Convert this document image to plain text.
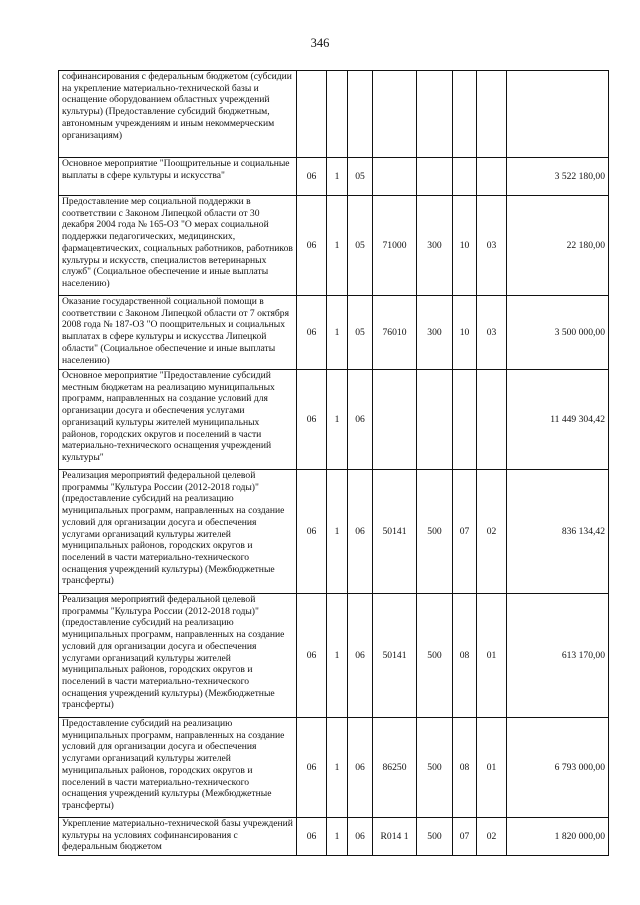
346
софинансирования с федеральным бюджетом (субсидии на укрепление материально-технической базы и оснащение оборудованием областных учреждений культуры) (Предоставление субсидий бюджетным, автономным учреждениям и иным некоммерческим организациям)								
Основное мероприятие "Поощрительные и социальные выплаты в сфере культуры и искусства"	06	1	05					3 522 180,00
Предоставление мер социальной поддержки в соответствии с Законом Липецкой области от 30 декабря 2004 года № 165-ОЗ "О мерах социальной поддержки педагогических, медицинских, фармацевтических, социальных работников, работников культуры и искусств, специалистов ветеринарных служб" (Социальное обеспечение и иные выплаты населению)	06	1	05	71000	300	10	03	22 180,00
Оказание государственной социальной помощи в соответствии с Законом Липецкой области от 7 октября 2008 года № 187-ОЗ "О поощрительных и социальных выплатах в сфере культуры и искусства Липецкой области" (Социальное обеспечение и иные выплаты населению)	06	1	05	76010	300	10	03	3 500 000,00
Основное мероприятие "Предоставление субсидий местным бюджетам на реализацию муниципальных программ, направленных на создание условий для организации досуга и обеспечения услугами организаций культуры жителей муниципальных районов, городских округов и поселений в части материально-технического оснащения учреждений культуры"	06	1	06					11 449 304,42
Реализация мероприятий федеральной целевой программы "Культура России (2012-2018 годы)" (предоставление субсидий на реализацию муниципальных программ, направленных на создание условий для организации досуга и обеспечения услугами организаций культуры жителей муниципальных районов, городских округов и поселений в части материально-технического оснащения учреждений культуры) (Межбюджетные трансферты)	06	1	06	50141	500	07	02	836 134,42
Реализация мероприятий федеральной целевой программы "Культура России (2012-2018 годы)" (предоставление субсидий на реализацию муниципальных программ, направленных на создание условий для организации досуга и обеспечения услугами организаций культуры жителей муниципальных районов, городских округов и поселений в части материально-технического оснащения учреждений культуры) (Межбюджетные трансферты)	06	1	06	50141	500	08	01	613 170,00
Предоставление субсидий на реализацию муниципальных программ, направленных на создание условий для организации досуга и обеспечения услугами организаций культуры жителей муниципальных районов, городских округов и поселений в части материально-технического оснащения учреждений культуры (Межбюджетные трансферты)	06	1	06	86250	500	08	01	6 793 000,00
Укрепление материально-технической базы учреждений культуры на условиях софинансирования с федеральным бюджетом	06	1	06	R014 1	500	07	02	1 820 000,00
